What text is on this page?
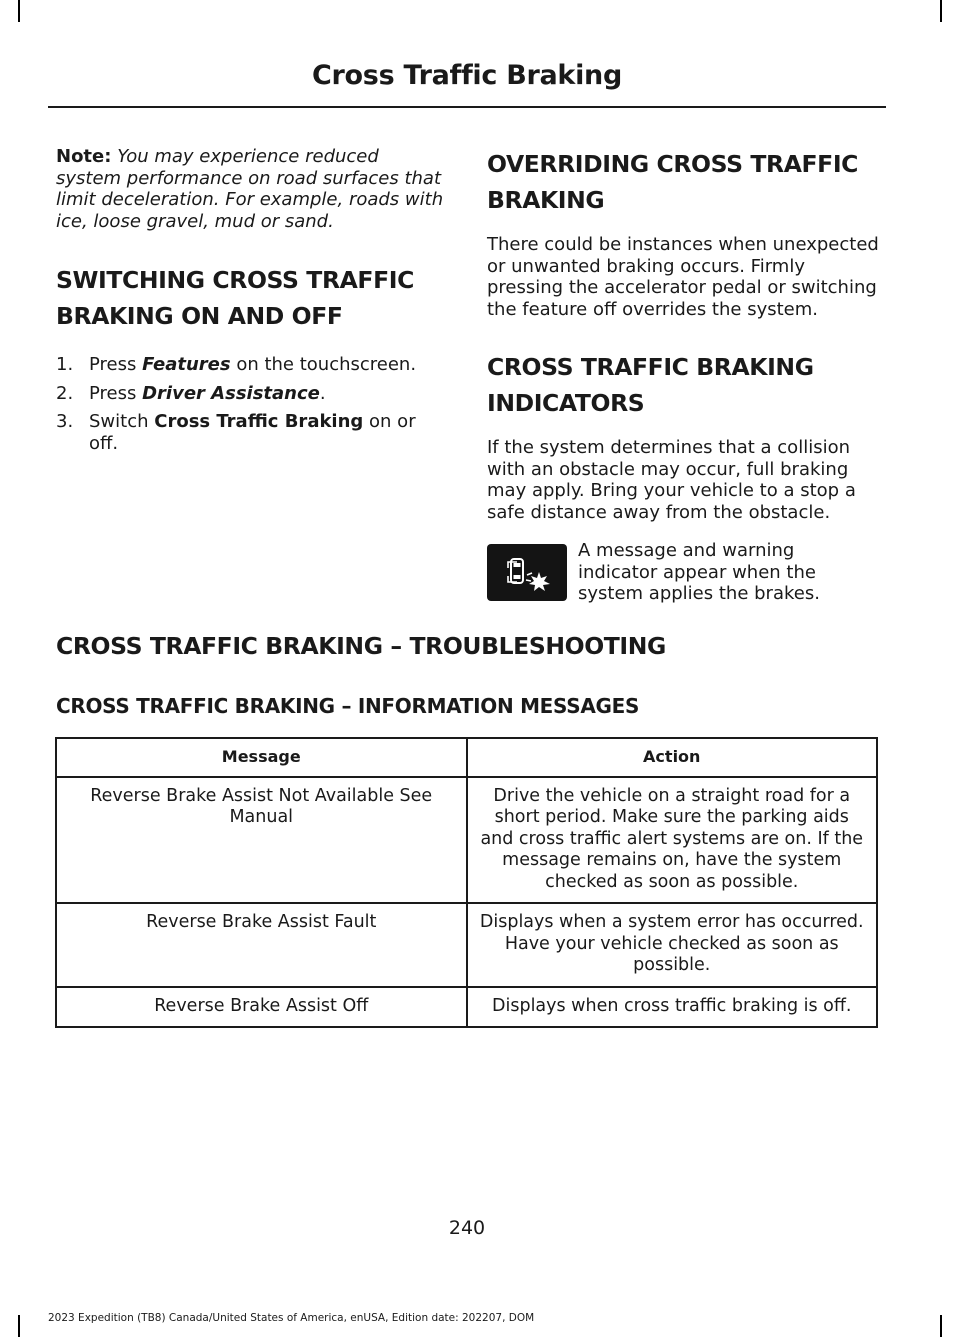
Cross Traffic Braking

Note: You may experience reduced system performance on road surfaces that limit deceleration. For example, roads with ice, loose gravel, mud or sand.

SWITCHING CROSS TRAFFIC
BRAKING ON AND OFF
1. Press Features on the touchscreen.
2. Press Driver Assistance.
3. Switch Cross Traffic Braking on or off.
OVERRIDING CROSS TRAFFIC
BRAKING

There could be instances when unexpected or unwanted braking occurs. Firmly pressing the accelerator pedal or switching the feature off overrides the system.

CROSS TRAFFIC BRAKING
INDICATORS

If the system determines that a collision with an obstacle may occur, full braking may apply. Bring your vehicle to a stop a safe distance away from the obstacle.

A message and warning indicator appear when the system applies the brakes.

CROSS TRAFFIC BRAKING – TROUBLESHOOTING
CROSS TRAFFIC BRAKING – INFORMATION MESSAGES
Message	Action
Reverse Brake Assist Not Available See Manual	Drive the vehicle on a straight road for a short period. Make sure the parking aids and cross traffic alert systems are on. If the message remains on, have the system checked as soon as possible.
Reverse Brake Assist Fault	Displays when a system error has occurred. Have your vehicle checked as soon as possible.
Reverse Brake Assist Off	Displays when cross traffic braking is off.
240
2023 Expedition (TB8) Canada/United States of America, enUSA, Edition date: 202207, DOM
